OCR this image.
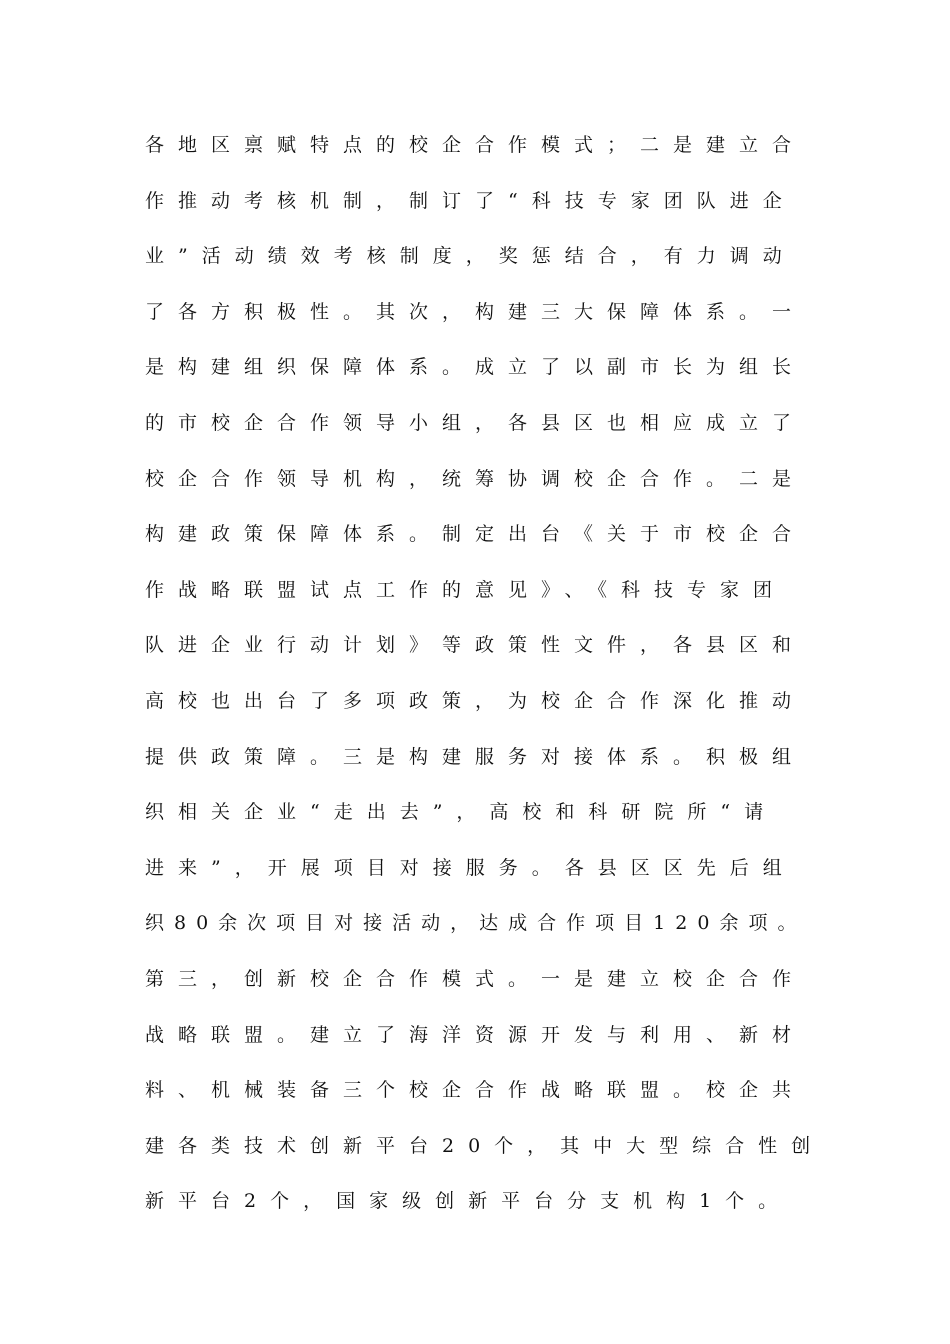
各地区禀赋特点的校企合作模式；二是建立合
作推动考核机制，制订了“科技专家团队进企
业”活动绩效考核制度，奖惩结合，有力调动
了各方积极性。其次，构建三大保障体系。一
是构建组织保障体系。成立了以副市长为组长
的市校企合作领导小组，各县区也相应成立了
校企合作领导机构，统筹协调校企合作。二是
构建政策保障体系。制定出台《关于市校企合
作战略联盟试点工作的意见》、《科技专家团
队进企业行动计划》等政策性文件，各县区和
高校也出台了多项政策，为校企合作深化推动
提供政策障。三是构建服务对接体系。积极组
织相关企业“走出去”，高校和科研院所“请
进来”，开展项目对接服务。各县区区先后组
织80余次项目对接活动，达成合作项目120余项。
第三，创新校企合作模式。一是建立校企合作
战略联盟。建立了海洋资源开发与利用、新材
料、机械装备三个校企合作战略联盟。校企共
建各类技术创新平台20个，其中大型综合性创
新平台2个，国家级创新平台分支机构1个。
